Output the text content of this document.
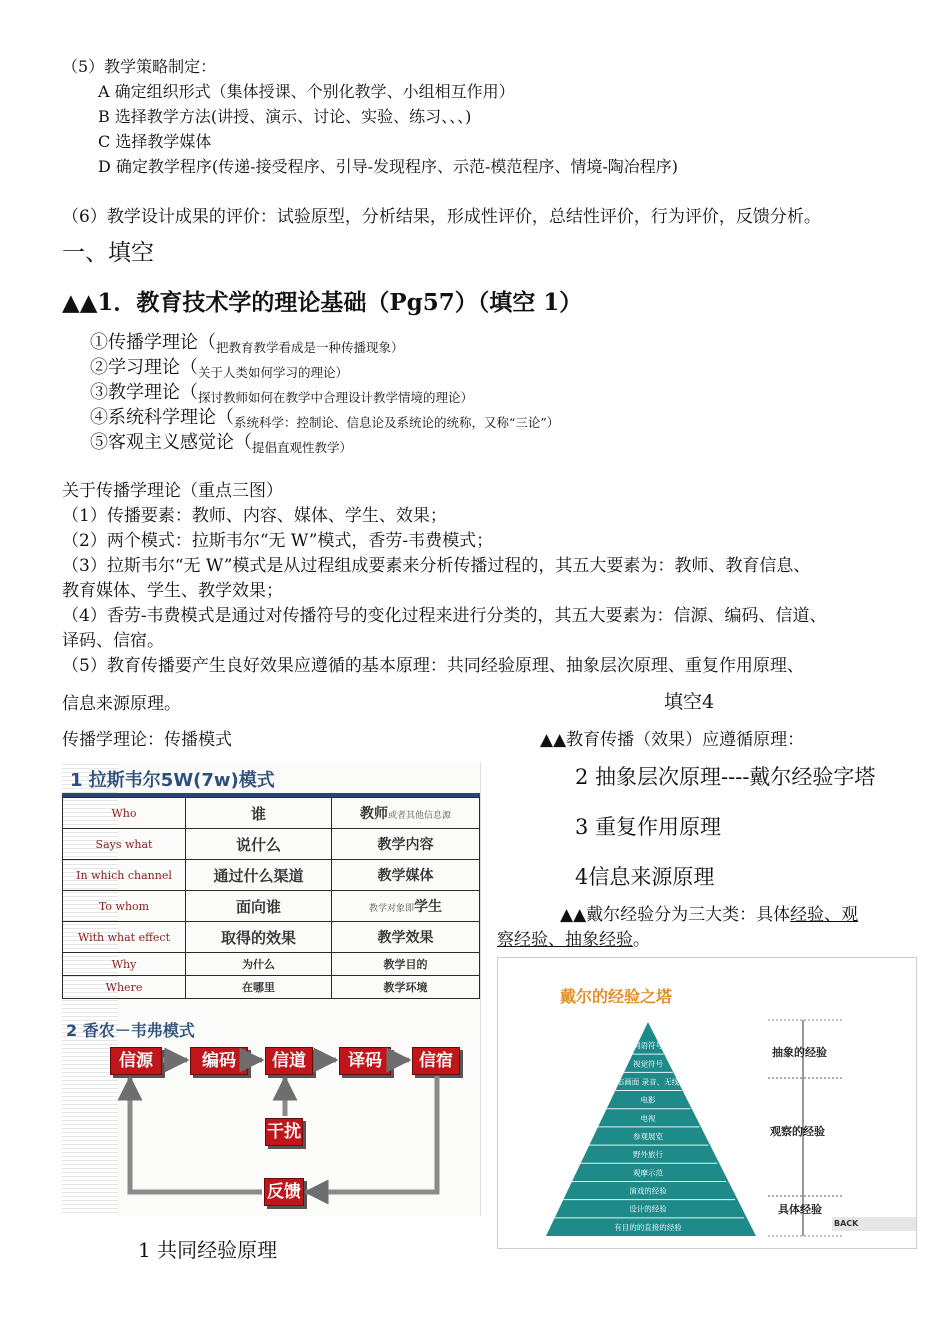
（5）教学策略制定：
A 确定组织形式（集体授课、个别化教学、小组相互作用）
B 选择教学方法(讲授、演示、讨论、实验、练习、、、)
C 选择教学媒体
D 确定教学程序(传递-接受程序、引导-发现程序、示范-模范程序、情境-陶冶程序)
（6）教学设计成果的评价：试验原型，分析结果，形成性评价，总结性评价，行为评价，反馈分析。
一、填空
▲▲1．教育技术学的理论基础（Pg57）（填空 1）
①传播学理论（$_{把教育教学看成是一种传播现象)}$
②学习理论（$_{关于人类如何学习的理论)}$
③教学理论（$_{探讨教师如何在教学中合理设计教学情境的理论)}$
④系统科学理论（$_{系统科学:控制论、信息论及系统论的统称,又称“三论”)}$
⑤客观主义感觉论（$_{提倡直观性教学)}$
关于传播学理论（重点三图）
（1）传播要素：教师、内容、媒体、学生、效果；
（2）两个模式：拉斯韦尔“无 W”模式，香劳-韦费模式；
（3）拉斯韦尔“无 W”模式是从过程组成要素来分析传播过程的，其五大要素为：教师、教育信息、
教育媒体、学生、教学效果；
（4）香劳-韦费模式是通过对传播符号的变化过程来进行分类的，其五大要素为：信源、编码、信道、
译码、信宿。
（5）教育传播要产生良好效果应遵循的基本原理：共同经验原理、抽象层次原理、重复作用原理、
信息来源原理。	填空4
传播学理论：传播模式	▲▲教育传播（效果）应遵循原理：
2 抽象层次原理----戴尔经验字塔
3 重复作用原理
4信息来源原理
▲▲戴尔经验分为三大类：具体经验、观
察经验、抽象经验。
1 拉斯韦尔5W(7w)模式
Who	谁	教师或者其他信息源
Says what	说什么	教学内容
In which channel	通过什么渠道	教学媒体
To whom	面向谁	教学对象即学生
With what effect	取得的效果	教学效果
Why	为什么	教学目的
Where	在哪里	教学环境
2 香农－韦弗模式
信源	编码	信道	译码	信宿
干扰
反馈
1 共同经验原理
戴尔的经验之塔
词语符号
视觉符号
静态画面 录音、无线电
电影
电视
参观展览
野外旅行
观摩示范
演戏的经验
设计的经验
有目的的直接的经验
抽象的经验
观察的经验
具体经验
BACK
